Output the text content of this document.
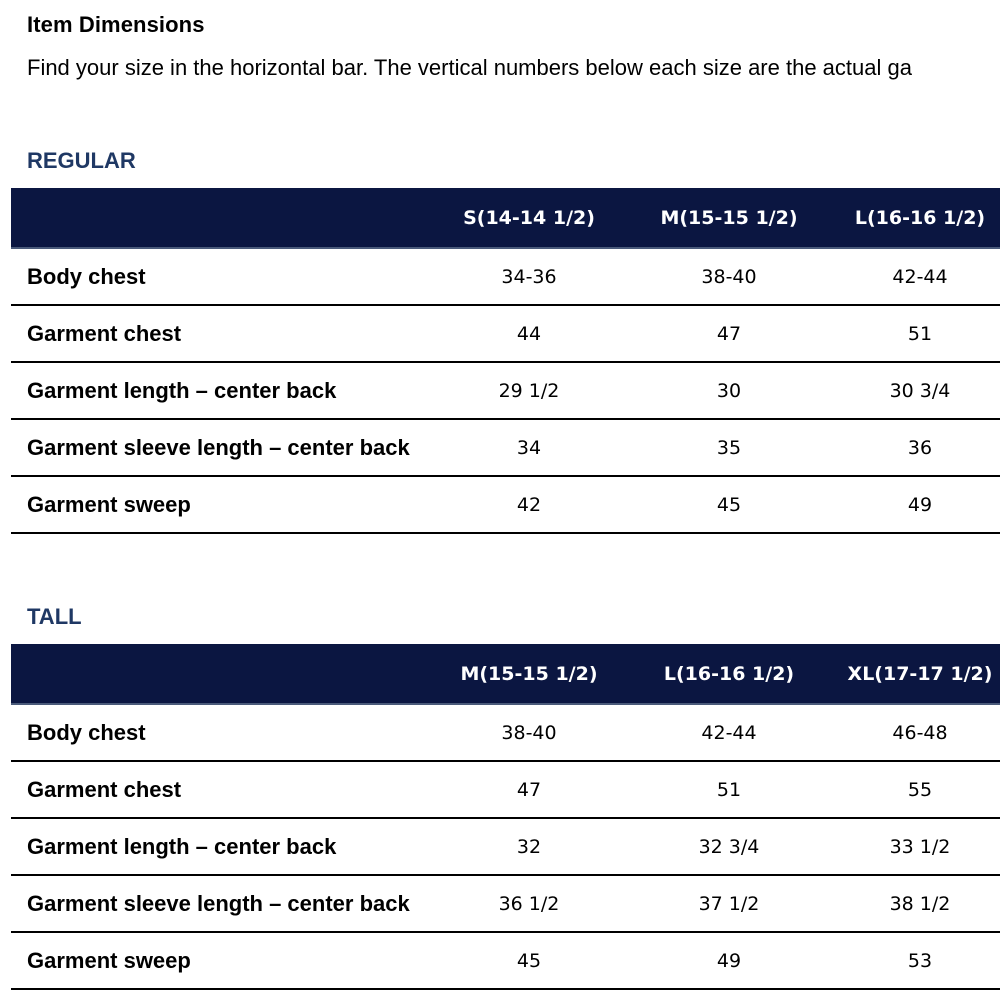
Item Dimensions
Find your size in the horizontal bar. The vertical numbers below each size are the actual ga
REGULAR
	S(14-14 1/2)	M(15-15 1/2)	L(16-16 1/2)
Body chest	34-36	38-40	42-44
Garment chest	44	47	51
Garment length – center back	29 1/2	30	30 3/4
Garment sleeve length – center back	34	35	36
Garment sweep	42	45	49
TALL
	M(15-15 1/2)	L(16-16 1/2)	XL(17-17 1/2)
Body chest	38-40	42-44	46-48
Garment chest	47	51	55
Garment length – center back	32	32 3/4	33 1/2
Garment sleeve length – center back	36 1/2	37 1/2	38 1/2
Garment sweep	45	49	53
